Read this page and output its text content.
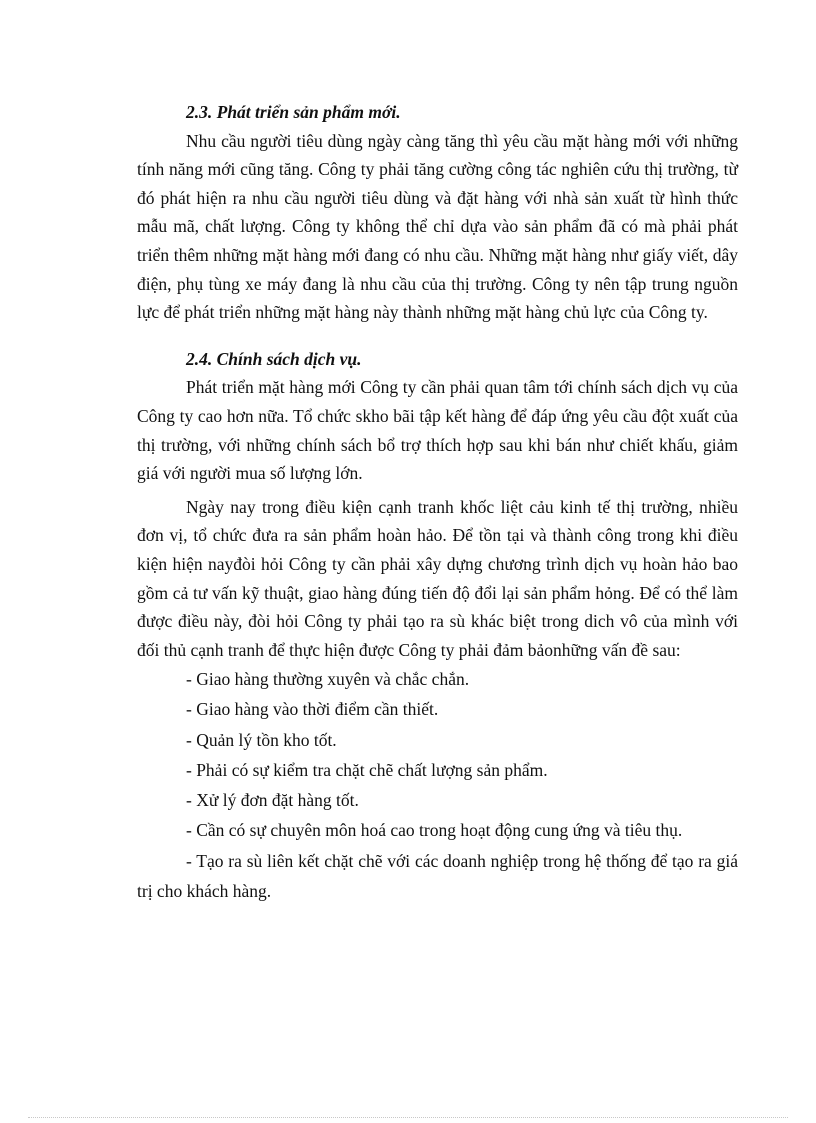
2.3. Phát triển sản phẩm mới.

Nhu cầu người tiêu dùng ngày càng tăng thì yêu cầu mặt hàng mới với những tính năng mới cũng tăng. Công ty phải tăng cường công tác nghiên cứu thị trường, từ đó phát hiện ra nhu cầu người tiêu dùng và đặt hàng với nhà sản xuất từ hình thức mẫu mã, chất lượng. Công ty không thể chỉ dựa vào sản phẩm đã có mà phải phát triển thêm những mặt hàng mới đang có nhu cầu. Những mặt hàng như giấy viết, dây điện, phụ tùng xe máy đang là nhu cầu của thị trường. Công ty nên tập trung nguồn lực để phát triển những mặt hàng này thành những mặt hàng chủ lực của Công ty.

2.4. Chính sách dịch vụ.

Phát triển mặt hàng mới Công ty cần phải quan tâm tới chính sách dịch vụ của Công ty cao hơn nữa. Tổ chức skho bãi tập kết hàng để đáp ứng yêu cầu đột xuất của thị trường, với những chính sách bổ trợ thích hợp sau khi bán như chiết khấu, giảm giá với người mua số lượng lớn.

Ngày nay trong điều kiện cạnh tranh khốc liệt cảu kinh tế thị trường, nhiều đơn vị, tổ chức đưa ra sản phẩm hoàn hảo. Để tồn tại và thành công trong khi điều kiện hiện nayđòi hỏi Công ty cần phải xây dựng chương trình dịch vụ hoàn hảo bao gồm cả tư vấn kỹ thuật, giao hàng đúng tiến độ đổi lại sản phẩm hỏng. Để có thể làm được điều này, đòi hỏi Công ty phải tạo ra sù khác biệt trong dich vô của mình với đối thủ cạnh tranh để thực hiện được Công ty phải đảm bảonhững vấn đề sau:

- Giao hàng thường xuyên và chắc chắn.

- Giao hàng vào thời điểm cần thiết.

- Quản lý tồn kho tốt.

- Phải có sự kiểm tra chặt chẽ chất lượng sản phẩm.

- Xử lý đơn đặt hàng tốt.

- Cần có sự chuyên môn hoá cao trong hoạt động cung ứng và tiêu thụ.

- Tạo ra sù liên kết chặt chẽ với các doanh nghiệp trong hệ thống để tạo ra giá trị cho khách hàng.
